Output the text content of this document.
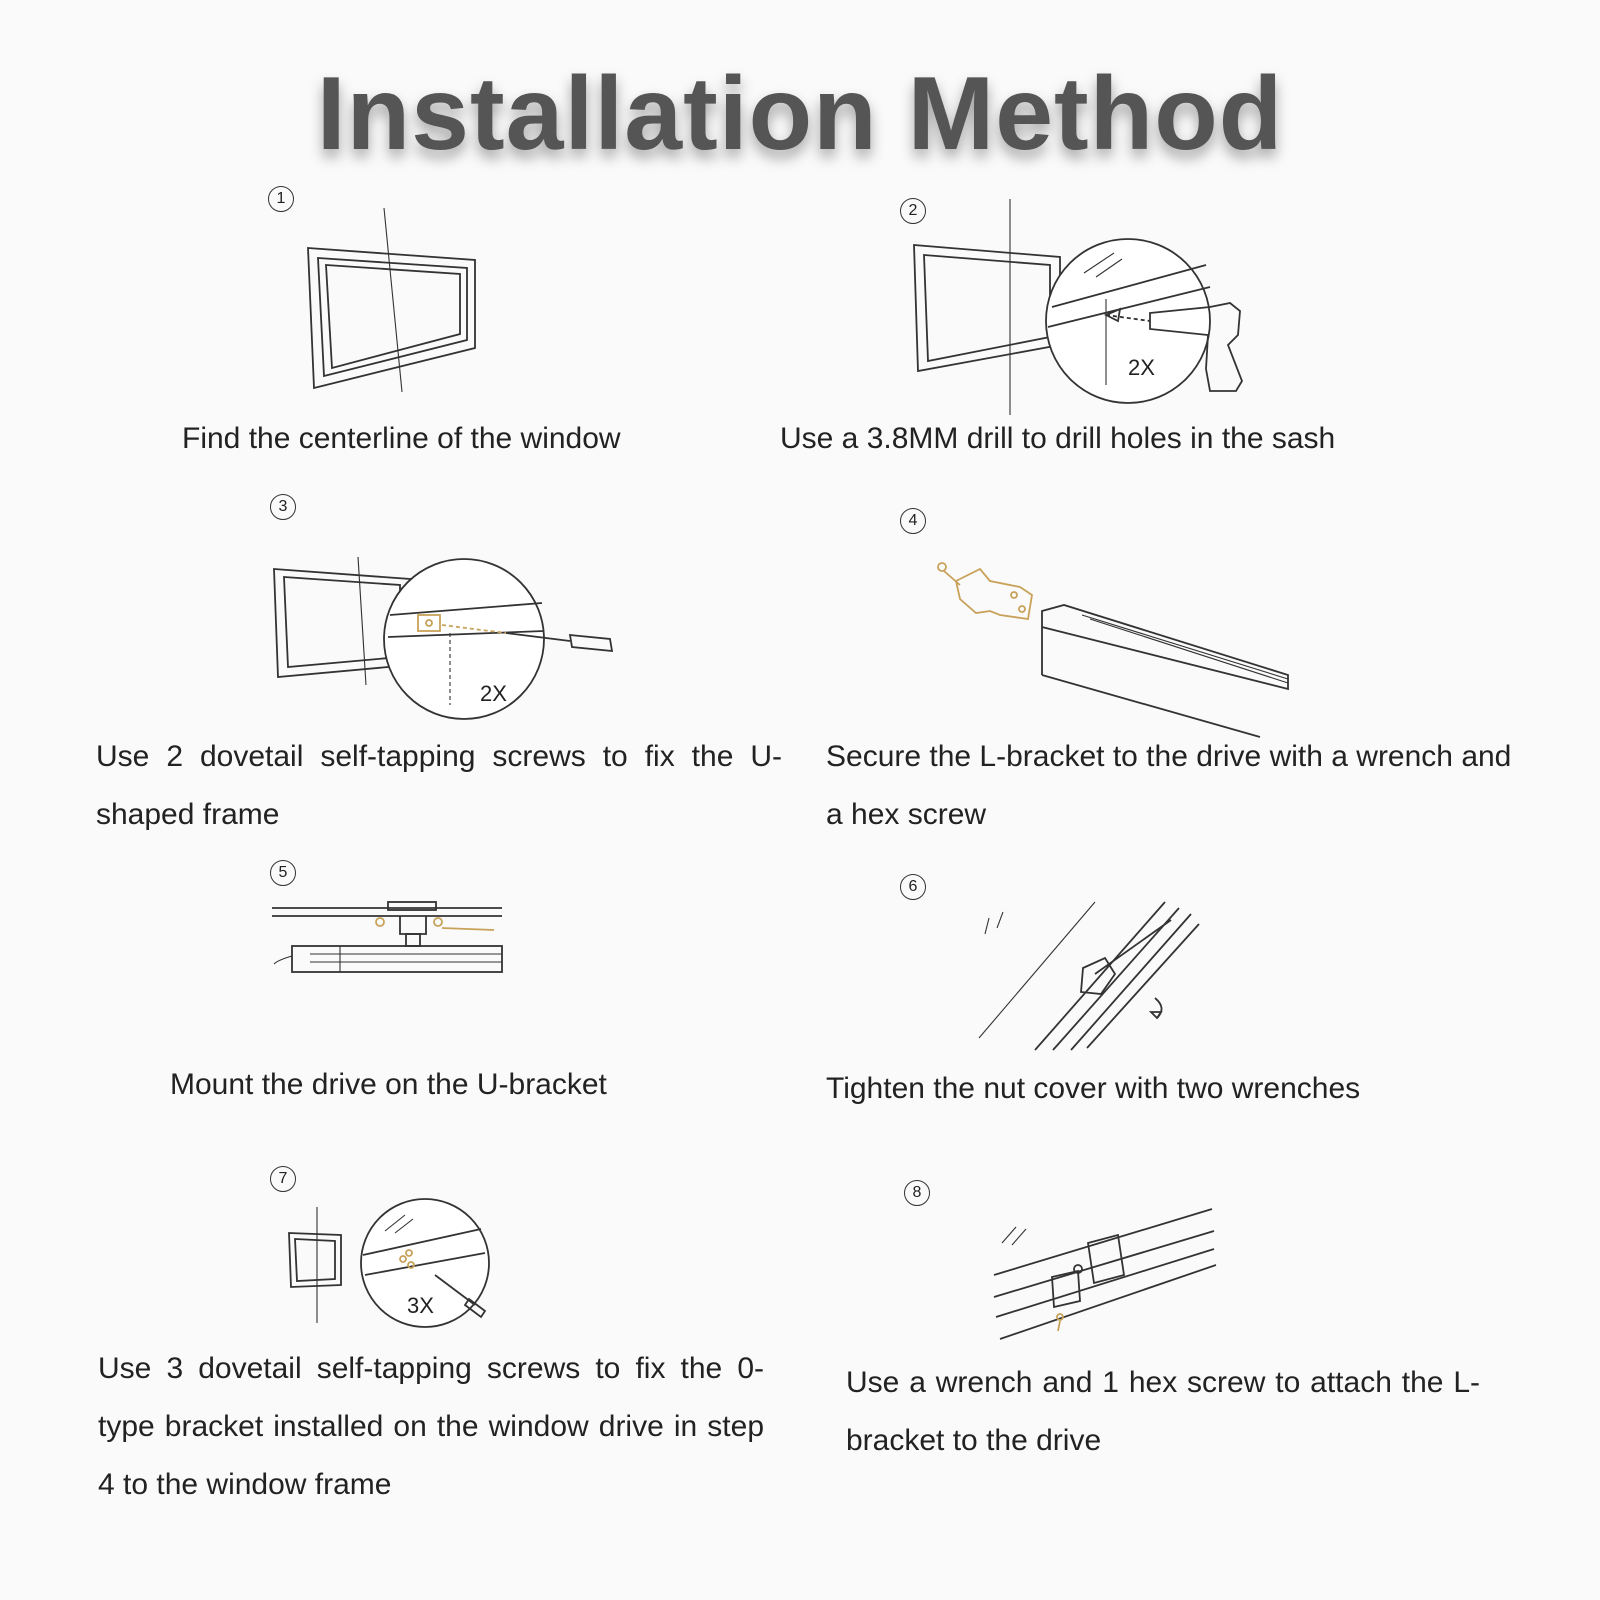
Installation Method
1
Find the centerline of the window
2
2X
Use a 3.8MM drill to drill holes in the sash
3
2X
Use 2 dovetail self-tapping screws to fix the U-shaped frame
4
Secure the L-bracket to the drive with a wrench and a hex screw
5
Mount the drive on the U-bracket
6
Tighten the nut cover with two wrenches
7
3X
Use 3 dovetail self-tapping screws to fix the 0-type bracket installed on the window drive in step 4 to the window frame
8
Use a wrench and 1 hex screw to attach the L-bracket to the drive
